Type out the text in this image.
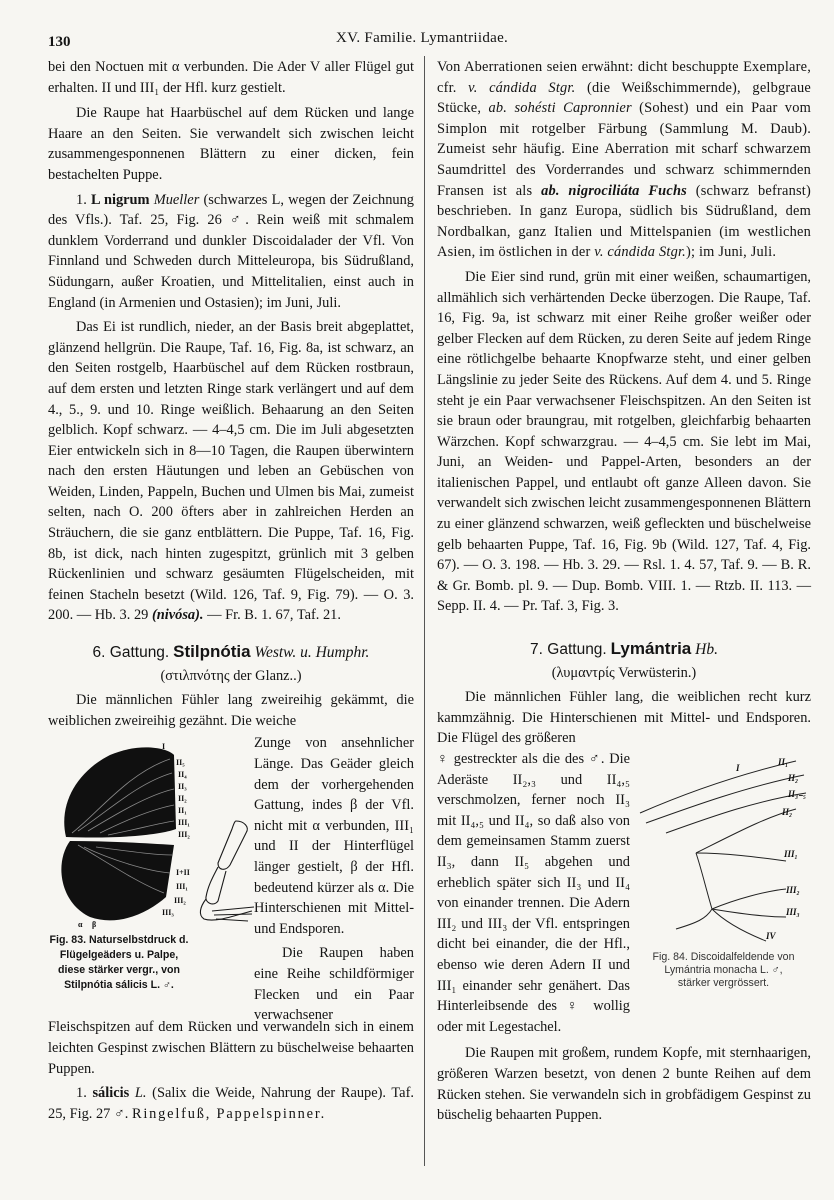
130	XV. Familie. Lymantriidae.

bei den Noctuen mit α verbunden. Die Ader V aller Flügel gut erhalten. II und III₁ der Hfl. kurz gestielt.

Die Raupe hat Haarbüschel auf dem Rücken und lange Haare an den Seiten. Sie verwandelt sich zwischen leicht zusammengesponnenen Blättern zu einer dicken, fein bestachelten Puppe.

1. L nigrum Mueller (schwarzes L, wegen der Zeichnung des Vfls.). Taf. 25, Fig. 26 ♂. Rein weiß mit schmalem dunklem Vorderrand und dunkler Discoidalader der Vfl. Von Finnland und Schweden durch Mitteleuropa, bis Südrußland, Südungarn, außer Kroatien, und Mittelitalien, einst auch in England (in Armenien und Ostasien); im Juni, Juli.

Das Ei ist rundlich, nieder, an der Basis breit abgeplattet, glänzend hellgrün. Die Raupe, Taf. 16, Fig. 8a, ist schwarz, an den Seiten rostgelb, Haarbüschel auf dem Rücken rostbraun, auf dem ersten und letzten Ringe stark verlängert und auf dem 4., 5., 9. und 10. Ringe weißlich. Behaarung an den Seiten gelblich. Kopf schwarz. — 4–4,5 cm. Die im Juli abgesetzten Eier entwickeln sich in 8—10 Tagen, die Raupen überwintern nach den ersten Häutungen und leben an Gebüschen von Weiden, Linden, Pappeln, Buchen und Ulmen bis Mai, zumeist selten, nach O. 200 öfters aber in zahlreichen Herden an Sträuchern, die sie ganz entblättern. Die Puppe, Taf. 16, Fig. 8b, ist dick, nach hinten zugespitzt, grünlich mit 3 gelben Rückenlinien und schwarz gesäumten Flügelscheiden, mit feinen Stacheln besetzt (Wild. 126, Taf. 9, Fig. 79). — O. 3. 200. — Hb. 3. 29 (nivósa). — Fr. B. 1. 67, Taf. 21.

6. Gattung. Stilpnótia Westw. u. Humphr.

(στιλπνότης der Glanz..)

Die männlichen Fühler lang zweireihig gekämmt, die weiblichen zweireihig gezähnt. Die weiche

I
II₅
II₄
II₃
II₂
II₁
III₁
III₂
I+II
III₁
III₂
III₃
α β
Fig. 83. Naturselbstdruck d. Flügelgeäders u. Palpe, diese stärker vergr., von Stilpnótia sálicis L. ♂.

Zunge von ansehnlicher Länge. Das Geäder gleich dem der vorhergehenden Gattung, indes β der Vfl. nicht mit α verbunden, III₁ und II der Hinterflügel länger gestielt, β der Hfl. bedeutend kürzer als α. Die Hinterschienen mit Mittel- und Endsporen.

Die Raupen haben eine Reihe schildförmiger Flecken und ein Paar verwachsener

Fleischspitzen auf dem Rücken und verwandeln sich in einem leichten Gespinst zwischen Blättern zu büschelweise behaarten Puppen.

1. sálicis L. (Salix die Weide, Nahrung der Raupe). Taf. 25, Fig. 27 ♂. Ringelfuß, Pappelspinner.

Von Aberrationen seien erwähnt: dicht beschuppte Exemplare, cfr. v. cándida Stgr. (die Weißschimmernde), gelbgraue Stücke, ab. sohésti Capronnier (Sohest) und ein Paar vom Simplon mit rotgelber Färbung (Sammlung M. Daub). Zumeist sehr häufig. Eine Aberration mit scharf schwarzem Saumdrittel des Vorderrandes und schwarz schimmernden Fransen ist als ab. nigrociliáta Fuchs (schwarz befranst) beschrieben. In ganz Europa, südlich bis Südrußland, dem Nordbalkan, ganz Italien und Mittelspanien (im westlichen Asien, im östlichen in der v. cándida Stgr.); im Juni, Juli.

Die Eier sind rund, grün mit einer weißen, schaumartigen, allmählich sich verhärtenden Decke überzogen. Die Raupe, Taf. 16, Fig. 9a, ist schwarz mit einer Reihe großer weißer oder gelber Flecken auf dem Rücken, zu deren Seite auf jedem Ringe eine rötlichgelbe behaarte Knopfwarze steht, und einer gelben Längslinie zu jeder Seite des Rückens. Auf dem 4. und 5. Ringe steht je ein Paar verwachsener Fleischspitzen. An den Seiten ist sie braun oder braungrau, mit rotgelben, gleichfarbig behaarten Wärzchen. Kopf schwarzgrau. — 4–4,5 cm. Sie lebt im Mai, Juni, an Weiden- und Pappel-Arten, besonders an der italienischen Pappel, und entlaubt oft ganze Alleen davon. Sie verwandelt sich zwischen leicht zusammengesponnenen Blättern zu einer glänzend schwarzen, weiß gefleckten und büschelweise gelb behaarten Puppe, Taf. 16, Fig. 9b (Wild. 127, Taf. 4, Fig. 67). — O. 3. 198. — Hb. 3. 29. — Rsl. 1. 4. 57, Taf. 9. — B. R. & Gr. Bomb. pl. 9. — Dup. Bomb. VIII. 1. — Rtzb. II. 113. — Sepp. II. 4. — Pr. Taf. 3, Fig. 3.

7. Gattung. Lymántria Hb.

(λυμαντρίς Verwüsterin.)

Die männlichen Fühler lang, die weiblichen recht kurz kammzähnig. Die Hinterschienen mit Mittel- und Endsporen. Die Flügel des größeren

I
II₁
II₂
II₃₋₅
II₂
III₁
III₂
III₃
IV
Fig. 84. Discoidalfeldende von
Lymántria monacha L. ♂,
stärker vergrössert.

♀ gestreckter als die des ♂. Die Aderäste II₂,₃ und II₄,₅ verschmolzen, ferner noch II₃ mit II₄,₅ und II₄, so daß also von dem gemeinsamen Stamm zuerst II₃, dann II₅ abgehen und erheblich später sich II₃ und II₄ von einander trennen. Die Adern III₂ und III₃ der Vfl. entspringen dicht bei einander, die der Hfl., ebenso wie deren Adern II und III₁ einander sehr genähert. Das Hinterleibsende des ♀ wollig oder mit Legestachel.

Die Raupen mit großem, rundem Kopfe, mit sternhaarigen, größeren Warzen besetzt, von denen 2 bunte Reihen auf dem Rücken stehen. Sie verwandeln sich in grobfädigem Gespinst zu büschelig behaarten Puppen.
